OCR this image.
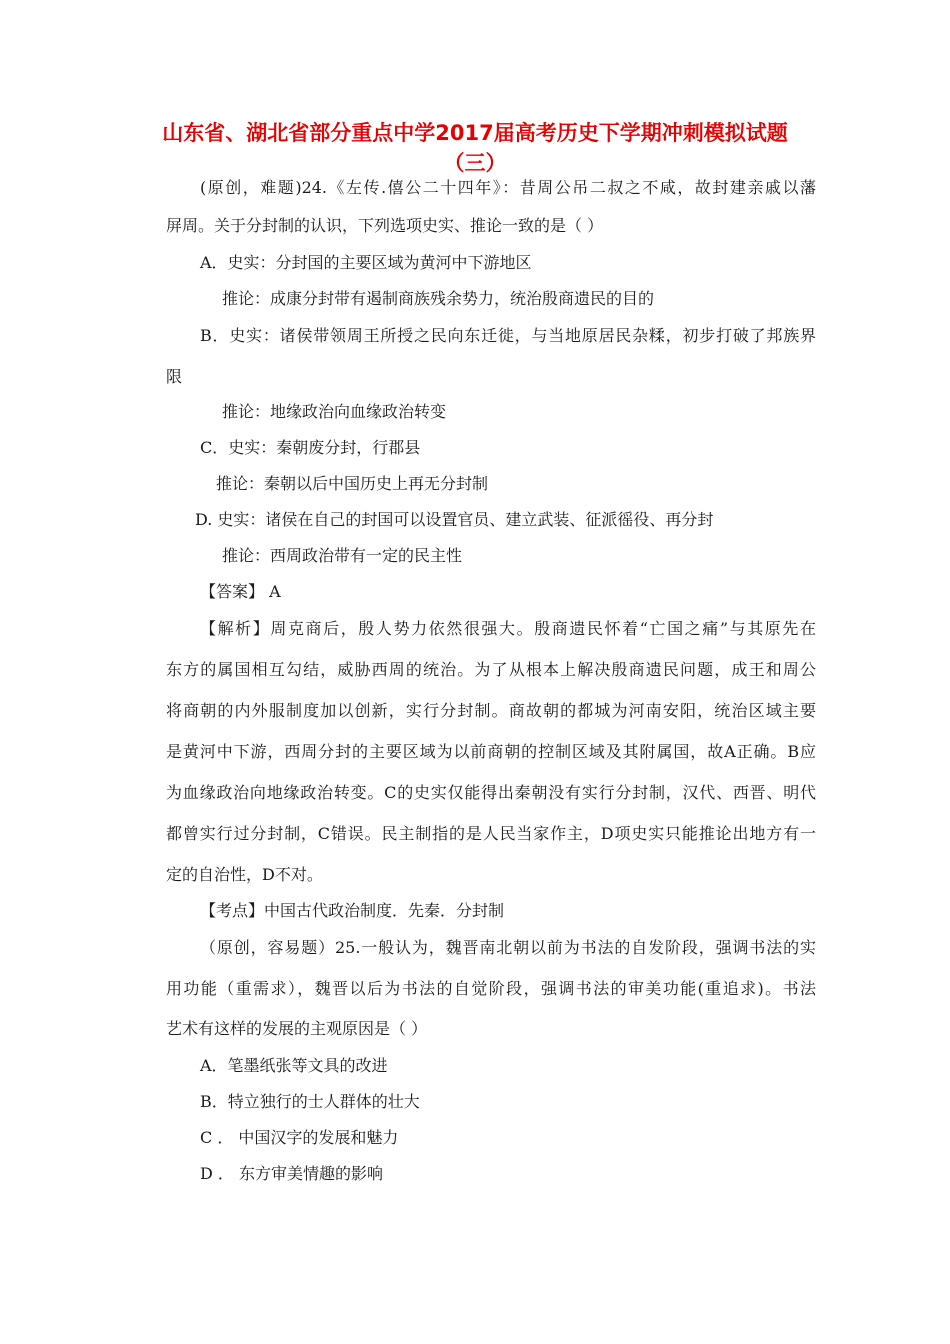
山东省、湖北省部分重点中学2017届高考历史下学期冲刺模拟试题
（三）
(原创，难题)24.《左传.僖公二十四年》：昔周公吊二叔之不咸，故封建亲戚以藩
屏周。关于分封制的认识，下列选项史实、推论一致的是（ ）
A．史实：分封国的主要区域为黄河中下游地区
推论：成康分封带有遏制商族残余势力，统治殷商遗民的目的
B．史实：诸侯带领周王所授之民向东迁徙，与当地原居民杂糅，初步打破了邦族界
限
推论：地缘政治向血缘政治转变
C．史实：秦朝废分封，行郡县
推论：秦朝以后中国历史上再无分封制
D. 史实：诸侯在自己的封国可以设置官员、建立武装、征派徭役、再分封
推论：西周政治带有一定的民主性
【答案】 A
【解析】周克商后，殷人势力依然很强大。殷商遗民怀着“亡国之痛”与其原先在
东方的属国相互勾结，威胁西周的统治。为了从根本上解决殷商遗民问题，成王和周公
将商朝的内外服制度加以创新，实行分封制。商故朝的都城为河南安阳，统治区域主要
是黄河中下游，西周分封的主要区域为以前商朝的控制区域及其附属国，故A正确。B应
为血缘政治向地缘政治转变。C的史实仅能得出秦朝没有实行分封制，汉代、西晋、明代
都曾实行过分封制，C错误。民主制指的是人民当家作主，D项史实只能推论出地方有一
定的自治性，D不对。
【考点】中国古代政治制度．先秦．分封制
（原创，容易题）25.一般认为，魏晋南北朝以前为书法的自发阶段，强调书法的实
用功能（重需求），魏晋以后为书法的自觉阶段，强调书法的审美功能(重追求)。书法
艺术有这样的发展的主观原因是（ ）
A．笔墨纸张等文具的改进
B．特立独行的士人群体的壮大
C ． 中国汉字的发展和魅力
D ． 东方审美情趣的影响
